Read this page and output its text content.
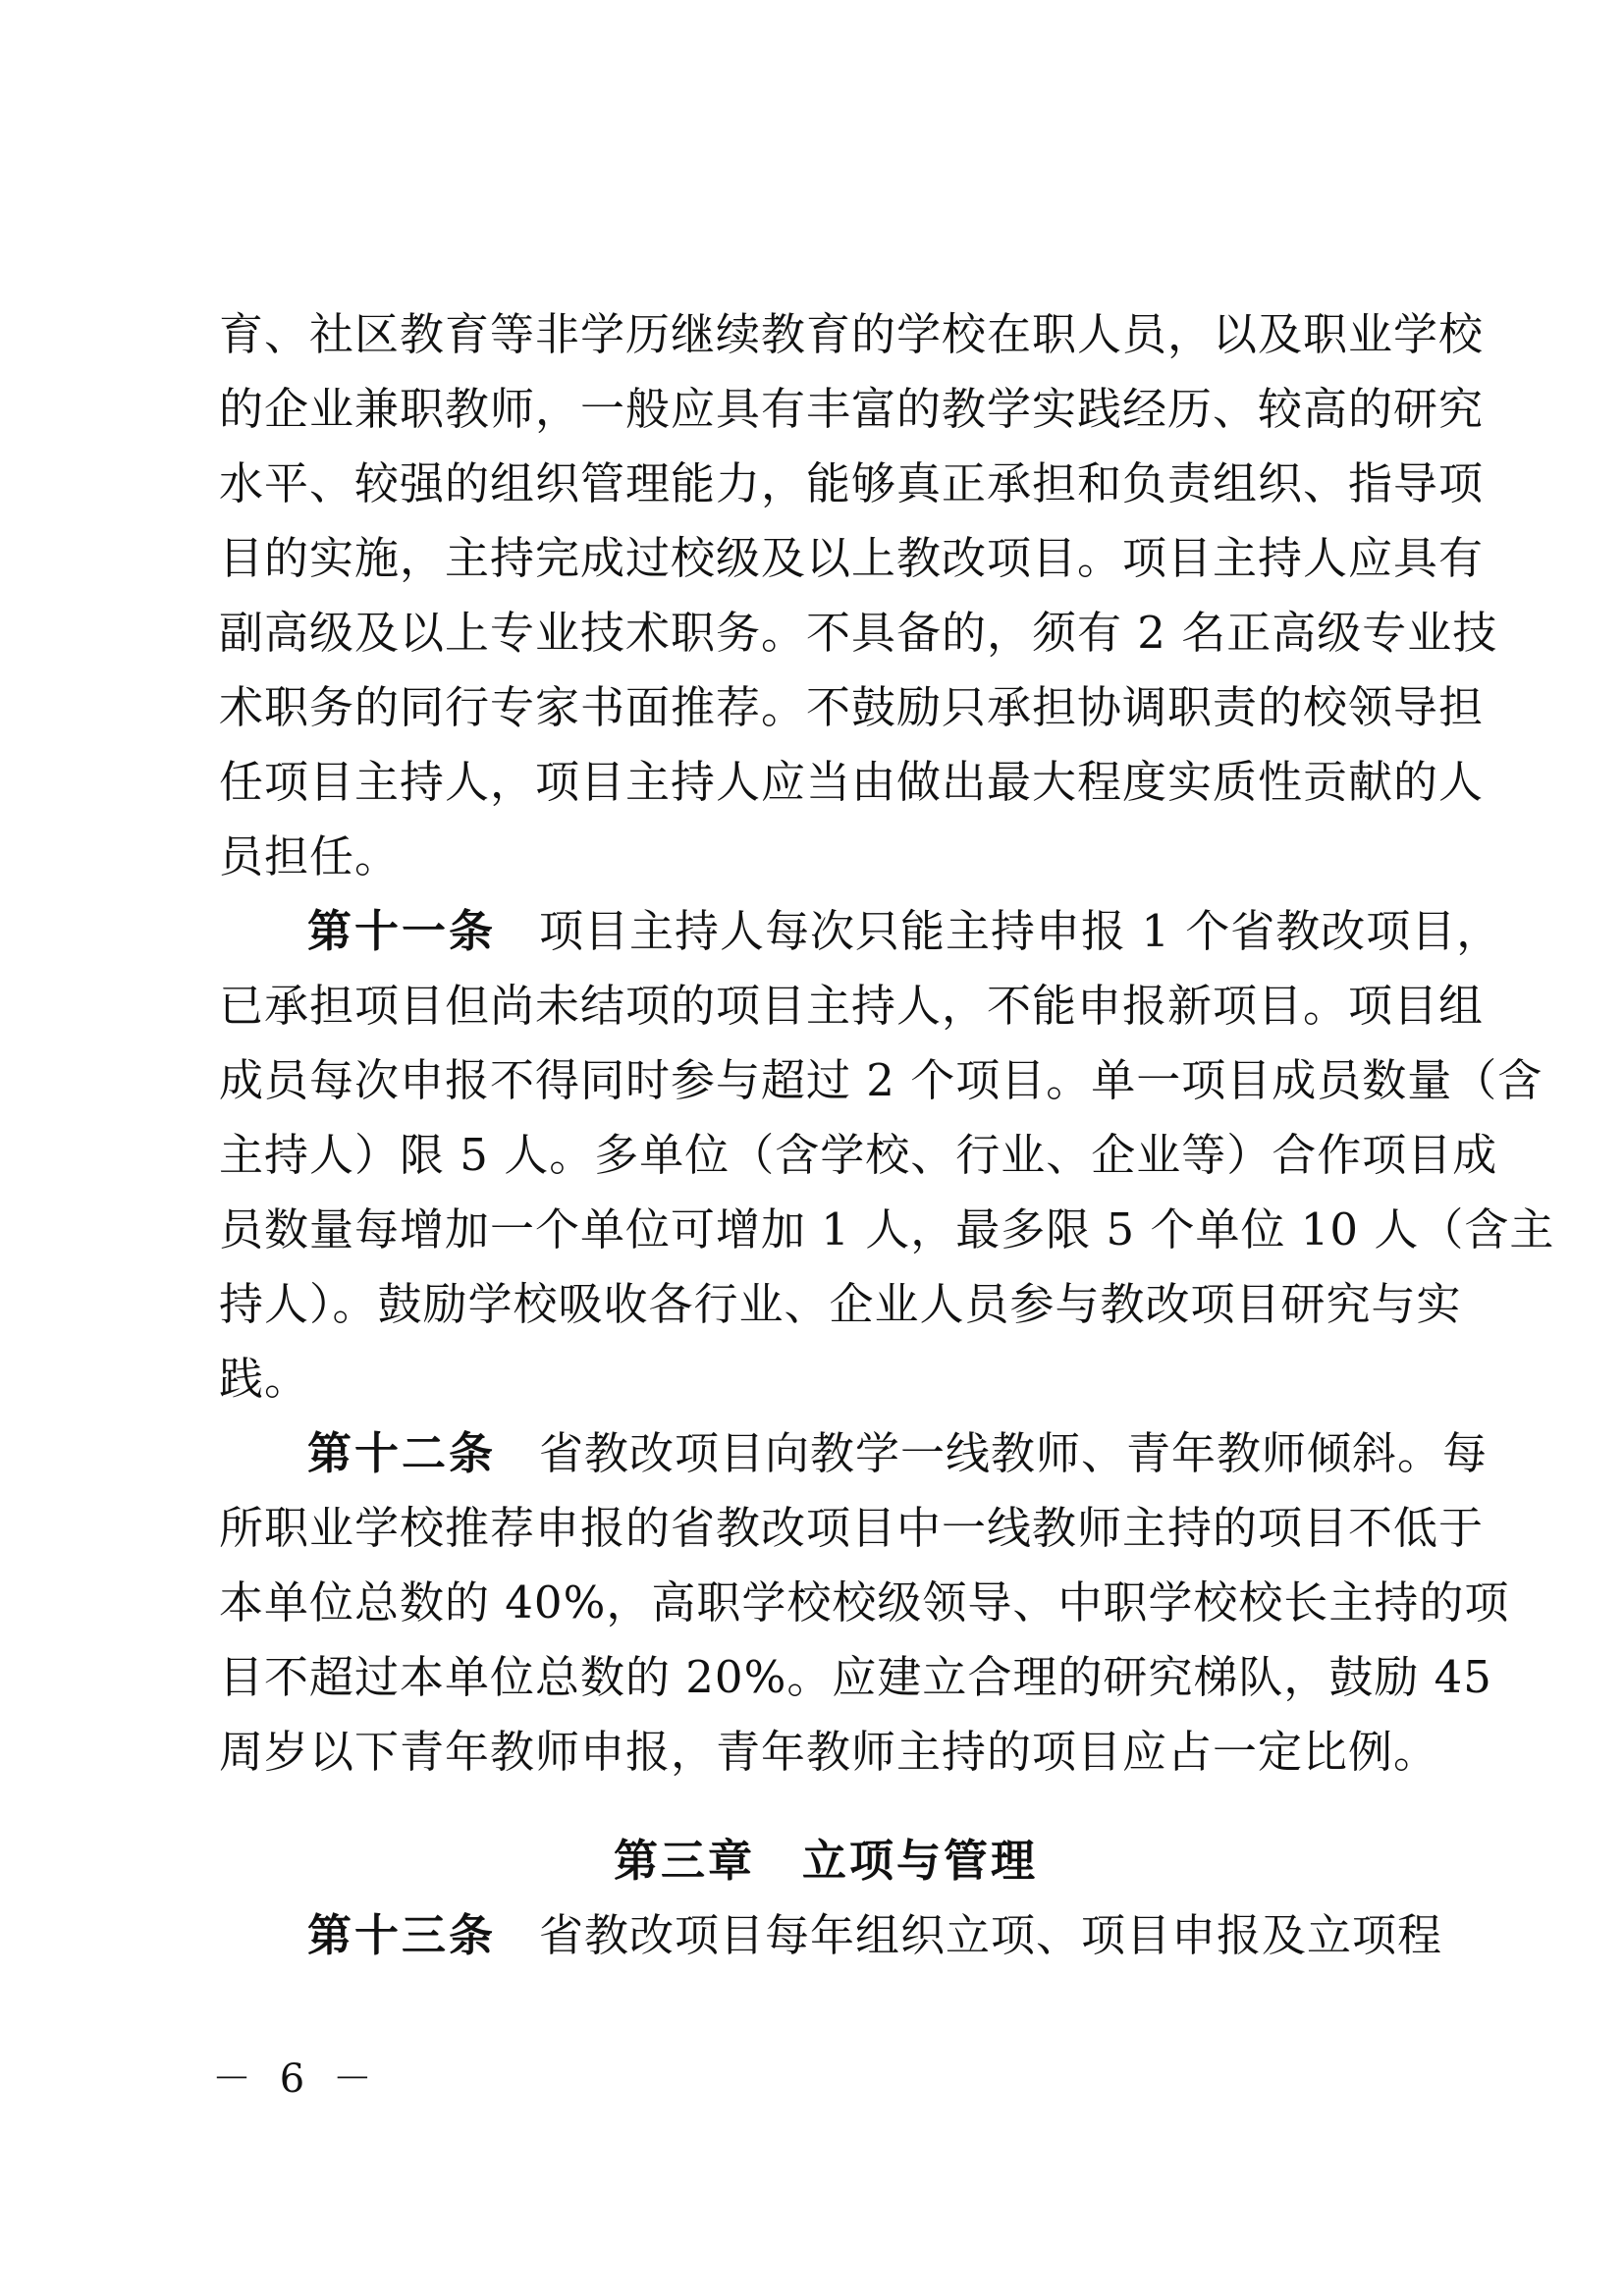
育、社区教育等非学历继续教育的学校在职人员，以及职业学校
的企业兼职教师，一般应具有丰富的教学实践经历、较高的研究
水平、较强的组织管理能力，能够真正承担和负责组织、指导项
目的实施，主持完成过校级及以上教改项目。项目主持人应具有
副高级及以上专业技术职务。不具备的，须有 2 名正高级专业技
术职务的同行专家书面推荐。不鼓励只承担协调职责的校领导担
任项目主持人，项目主持人应当由做出最大程度实质性贡献的人
员担任。
第十一条 项目主持人每次只能主持申报 1 个省教改项目，
已承担项目但尚未结项的项目主持人，不能申报新项目。项目组
成员每次申报不得同时参与超过 2 个项目。单一项目成员数量（含
主持人）限 5 人。多单位（含学校、行业、企业等）合作项目成
员数量每增加一个单位可增加 1 人，最多限 5 个单位 10 人（含主
持人）。鼓励学校吸收各行业、企业人员参与教改项目研究与实
践。
第十二条 省教改项目向教学一线教师、青年教师倾斜。每
所职业学校推荐申报的省教改项目中一线教师主持的项目不低于
本单位总数的 40%，高职学校校级领导、中职学校校长主持的项
目不超过本单位总数的 20%。应建立合理的研究梯队，鼓励 45
周岁以下青年教师申报，青年教师主持的项目应占一定比例。
第三章 立项与管理
第十三条 省教改项目每年组织立项、项目申报及立项程
－ 6 －
